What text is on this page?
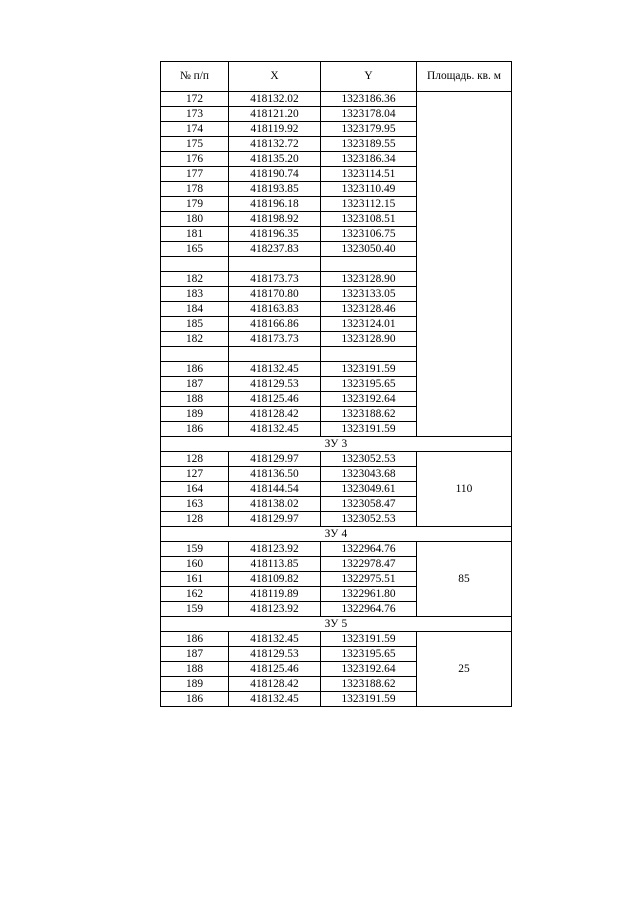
№ п/п	X	Y	Площадь. кв. м
172	418132.02	1323186.36	
173	418121.20	1323178.04	
174	418119.92	1323179.95	
175	418132.72	1323189.55	
176	418135.20	1323186.34	
177	418190.74	1323114.51	
178	418193.85	1323110.49	
179	418196.18	1323112.15	
180	418198.92	1323108.51	
181	418196.35	1323106.75	
165	418237.83	1323050.40	

182	418173.73	1323128.90	
183	418170.80	1323133.05	
184	418163.83	1323128.46	
185	418166.86	1323124.01	
182	418173.73	1323128.90	

186	418132.45	1323191.59	
187	418129.53	1323195.65	
188	418125.46	1323192.64	
189	418128.42	1323188.62	
186	418132.45	1323191.59	
ЗУ 3			
128	418129.97	1323052.53	110
127	418136.50	1323043.68	
164	418144.54	1323049.61	
163	418138.02	1323058.47	
128	418129.97	1323052.53	
ЗУ 4			
159	418123.92	1322964.76	85
160	418113.85	1322978.47	
161	418109.82	1322975.51	
162	418119.89	1322961.80	
159	418123.92	1322964.76	
ЗУ 5			
186	418132.45	1323191.59	25
187	418129.53	1323195.65	
188	418125.46	1323192.64	
189	418128.42	1323188.62	
186	418132.45	1323191.59	
